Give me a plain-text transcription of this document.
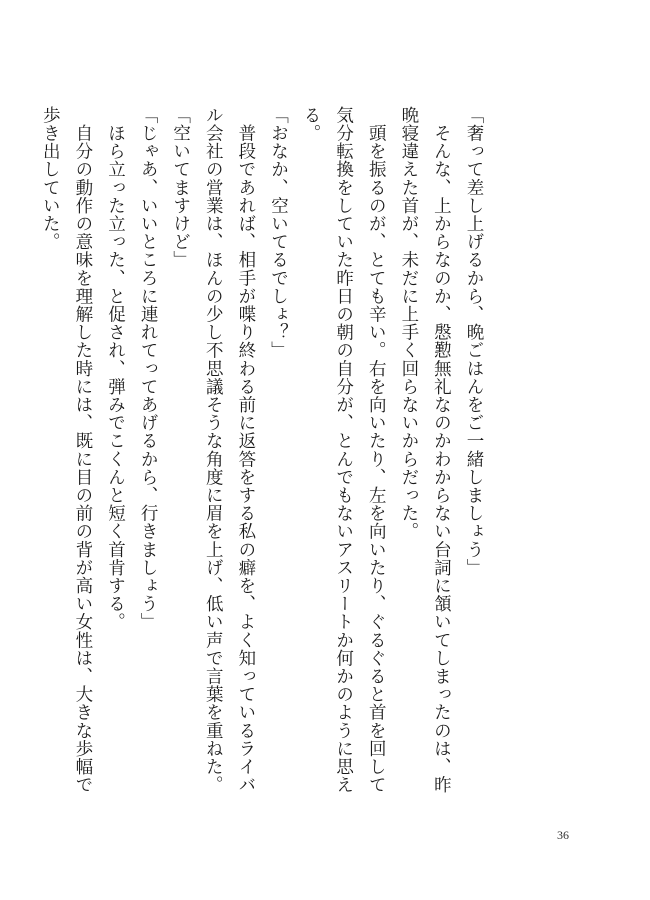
「奢って差し上げるから、晩ごはんをご一緒しましょう」

　そんな、上からなのか、慇懃無礼なのかわからない台詞に頷いてしまったのは、昨

晩寝違えた首が、未だに上手く回らないからだった。

　頭を振るのが、とても辛い。右を向いたり、左を向いたり、ぐるぐると首を回して

気分転換をしていた昨日の朝の自分が、とんでもないアスリートか何かのように思え

る。

「おなか、空いてるでしょ？」

　普段であれば、相手が喋り終わる前に返答をする私の癖を、よく知っているライバ

ル会社の営業は、ほんの少し不思議そうな角度に眉を上げ、低い声で言葉を重ねた。

「空いてますけど」

「じゃあ、いいところに連れてってあげるから、行きましょう」

　ほら立った立った、と促され、弾みでこくんと短く首肯する。

　自分の動作の意味を理解した時には、既に目の前の背が高い女性は、大きな歩幅で

歩き出していた。

36
